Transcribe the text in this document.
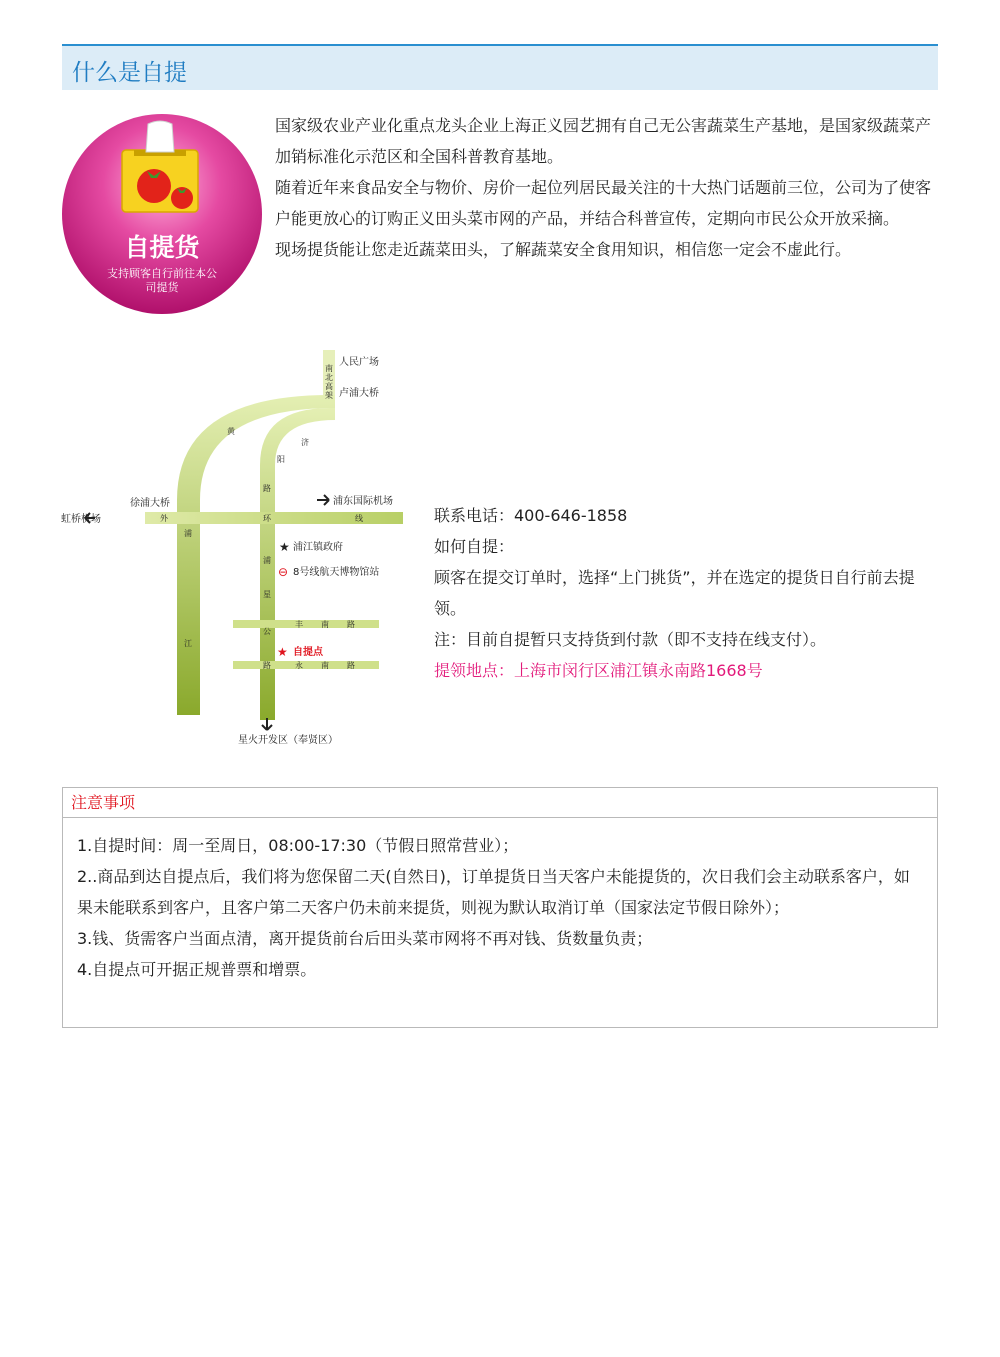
什么是自提
自提货
支持顾客自行前往本公
司提货

国家级农业产业化重点龙头企业上海正义园艺拥有自己无公害蔬菜生产基地，是国家级蔬菜产加销标准化示范区和全国科普教育基地。

随着近年来食品安全与物价、房价一起位列居民最关注的十大热门话题前三位，公司为了使客户能更放心的订购正义田头菜市网的产品，并结合科普宣传，定期向市民公众开放采摘。

现场提货能让您走近蔬菜田头，了解蔬菜安全食用知识，相信您一定会不虚此行。

人民广场
卢浦大桥
徐浦大桥
虹桥机场
浦东国际机场
浦江镇政府
8号线航天博物馆站
星火开发区（奉贤区）
南
北
高
架
黄
浦
江
外	环	线
济
阳
路
浦
星
公
路
丰 南 路
永 南 路
★
⊖
★ 自提点

联系电话：400-646-1858

如何自提：

顾客在提交订单时，选择“上门挑货”，并在选定的提货日自行前去提领。

注：目前自提暂只支持货到付款（即不支持在线支付）。

提领地点：上海市闵行区浦江镇永南路1668号

注意事项
1.自提时间：周一至周日，08:00-17:30（节假日照常营业）；
2..商品到达自提点后，我们将为您保留二天(自然日)，订单提货日当天客户未能提货的，次日我们会主动联系客户，如果未能联系到客户，且客户第二天客户仍未前来提货，则视为默认取消订单（国家法定节假日除外）；
3.钱、货需客户当面点清，离开提货前台后田头菜市网将不再对钱、货数量负责；
4.自提点可开据正规普票和增票。
